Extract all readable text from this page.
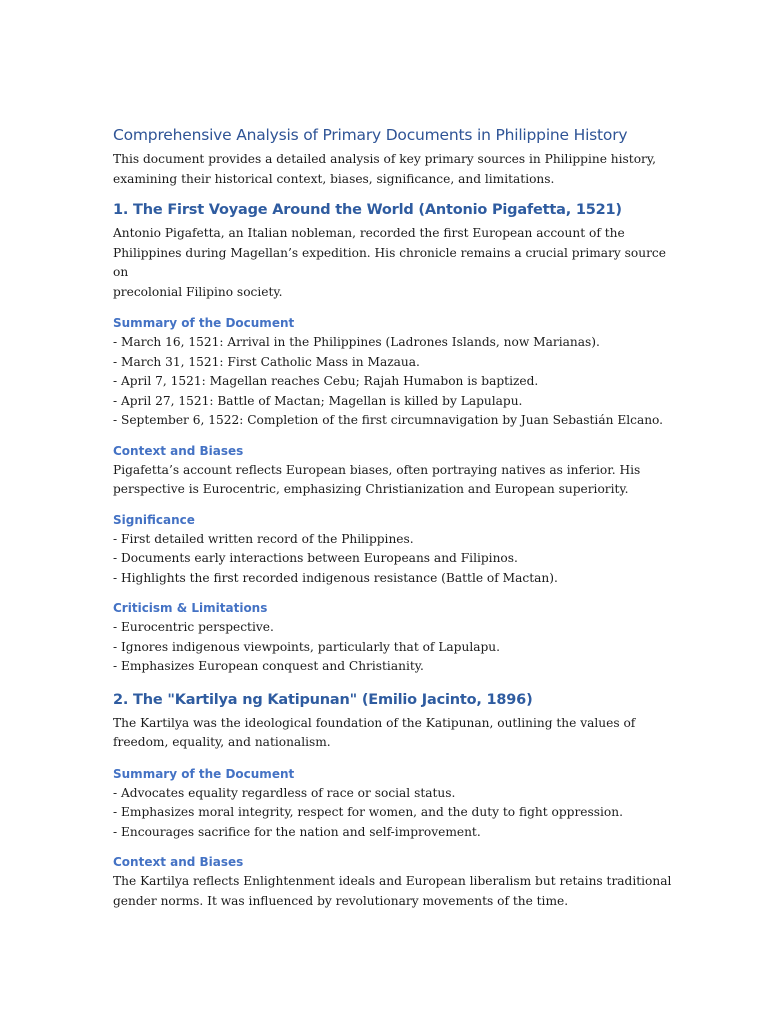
Comprehensive Analysis of Primary Documents in Philippine History
This document provides a detailed analysis of key primary sources in Philippine history,
examining their historical context, biases, significance, and limitations.
1. The First Voyage Around the World (Antonio Pigafetta, 1521)
Antonio Pigafetta, an Italian nobleman, recorded the first European account of the
Philippines during Magellan’s expedition. His chronicle remains a crucial primary source on
precolonial Filipino society.
Summary of the Document
- March 16, 1521: Arrival in the Philippines (Ladrones Islands, now Marianas).
- March 31, 1521: First Catholic Mass in Mazaua.
- April 7, 1521: Magellan reaches Cebu; Rajah Humabon is baptized.
- April 27, 1521: Battle of Mactan; Magellan is killed by Lapulapu.
- September 6, 1522: Completion of the first circumnavigation by Juan Sebastián Elcano.
Context and Biases
Pigafetta’s account reflects European biases, often portraying natives as inferior. His
perspective is Eurocentric, emphasizing Christianization and European superiority.
Significance
- First detailed written record of the Philippines.
- Documents early interactions between Europeans and Filipinos.
- Highlights the first recorded indigenous resistance (Battle of Mactan).
Criticism & Limitations
- Eurocentric perspective.
- Ignores indigenous viewpoints, particularly that of Lapulapu.
- Emphasizes European conquest and Christianity.
2. The "Kartilya ng Katipunan" (Emilio Jacinto, 1896)
The Kartilya was the ideological foundation of the Katipunan, outlining the values of
freedom, equality, and nationalism.
Summary of the Document
- Advocates equality regardless of race or social status.
- Emphasizes moral integrity, respect for women, and the duty to fight oppression.
- Encourages sacrifice for the nation and self-improvement.
Context and Biases
The Kartilya reflects Enlightenment ideals and European liberalism but retains traditional
gender norms. It was influenced by revolutionary movements of the time.
